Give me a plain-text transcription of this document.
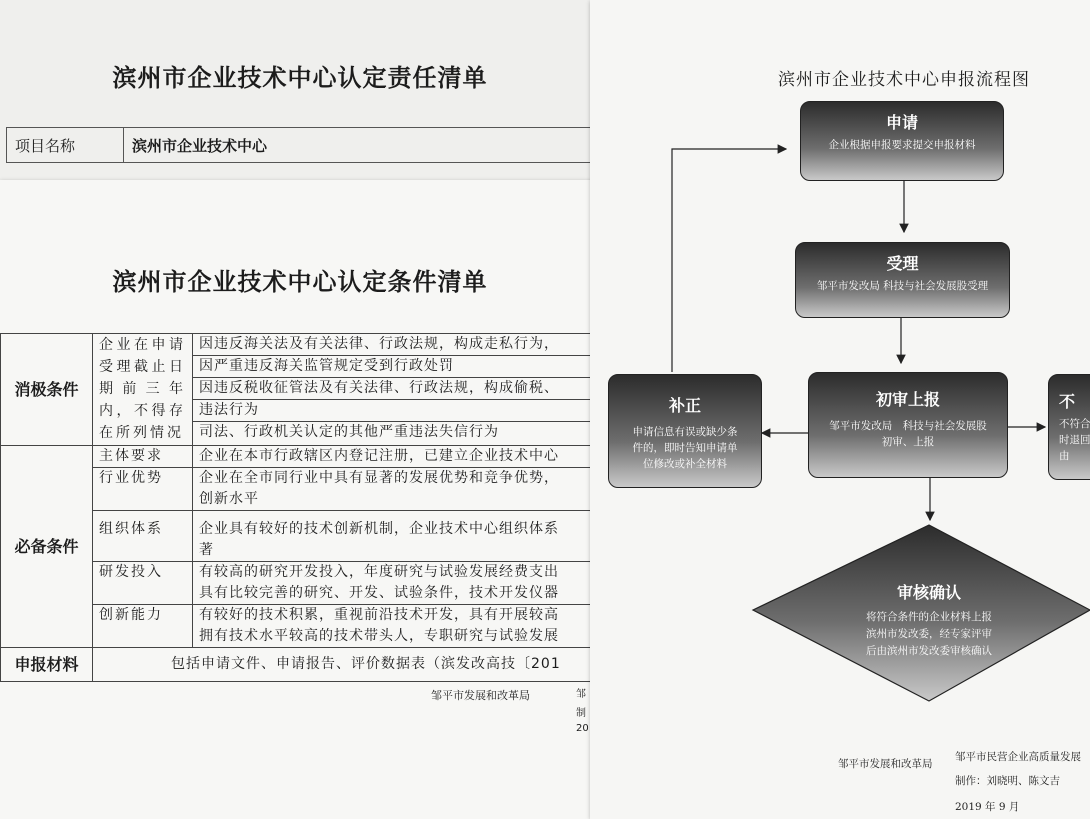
滨州市企业技术中心认定责任清单
项目名称	滨州市企业技术中心
滨州市企业技术中心认定条件清单
消极条件	企业在申请受理截止日期前三年内，不得存在所列情况	因违反海关法及有关法律、行政法规，构成走私行为，
		因严重违反海关监管规定受到行政处罚
		因违反税收征管法及有关法律、行政法规，构成偷税、
		违法行为
		司法、行政机关认定的其他严重违法失信行为
必备条件	主体要求	企业在本市行政辖区内登记注册，已建立企业技术中心
	行业优势	企业在全市同行业中具有显著的发展优势和竞争优势，
创新水平

	组织体系	企业具有较好的技术创新机制，企业技术中心组织体系
著

	研发投入	有较高的研究开发投入，年度研究与试验发展经费支出
具有比较完善的研究、开发、试验条件，技术开发仪器

	创新能力	有较好的技术积累，重视前沿技术开发，具有开展较高
拥有技术水平较高的技术带头人，专职研究与试验发展

申报材料	包括申请文件、申请报告、评价数据表（滨发改高技〔201	
邹平市发展和改革局	邹
制
20
滨州市企业技术中心申报流程图
申请
企业根据申报要求提交申报材料
受理
邹平市发改局 科技与社会发展股受理
初审上报
邹平市发改局　科技与社会发展股
初审、上报
补正
申请信息有误或缺少条
件的，即时告知申请单
位修改或补全材料
不
不符合
时退回
由
审核确认
将符合条件的企业材料上报
滨州市发改委，经专家评审
后由滨州市发改委审核确认
邹平市发展和改革局
邹平市民营企业高质量发展
制作：刘晓明、陈文吉
2019 年 9 月
